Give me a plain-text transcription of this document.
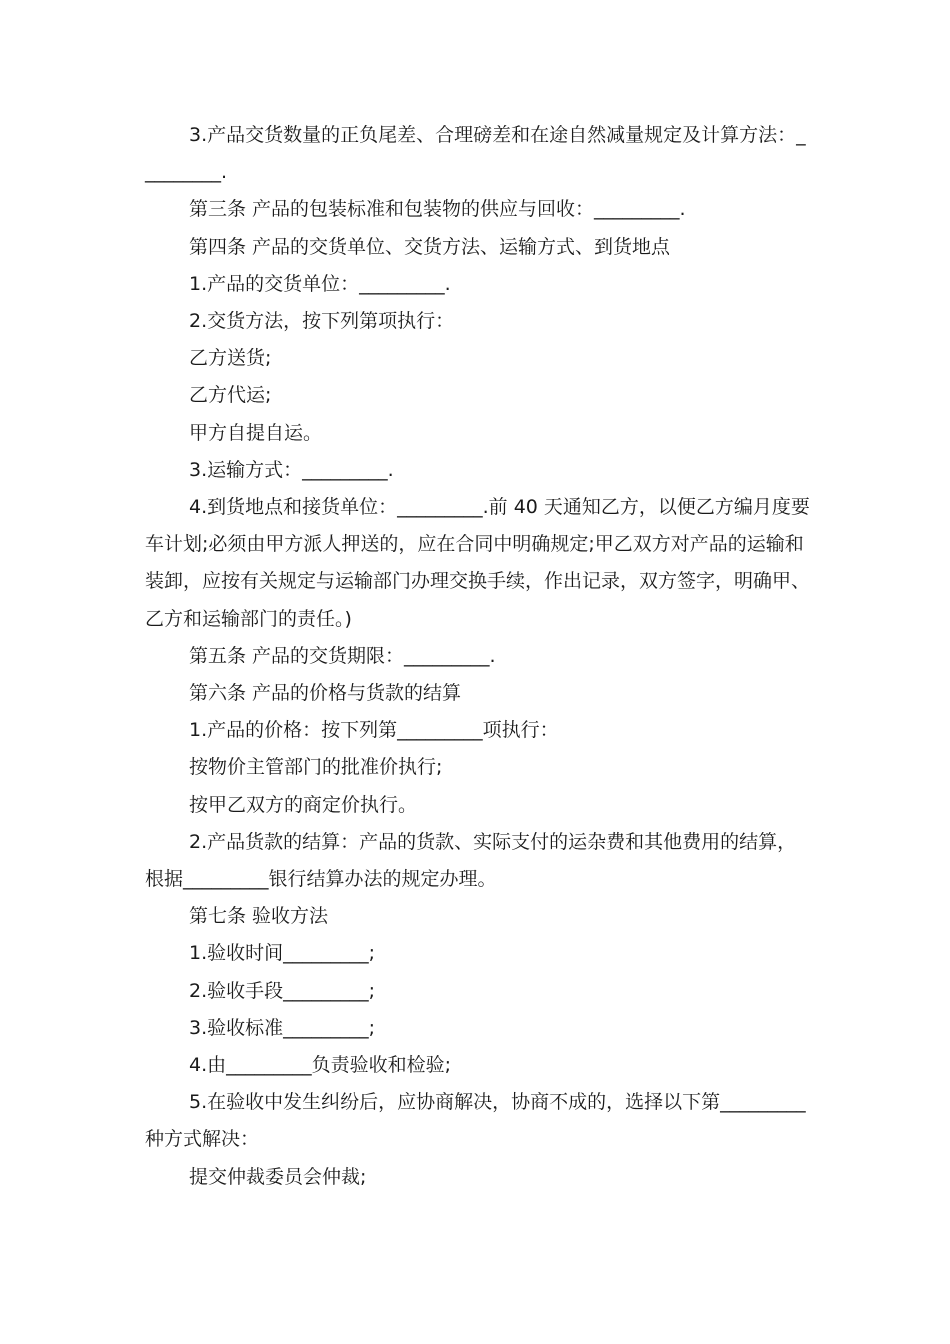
3.产品交货数量的正负尾差、合理磅差和在途自然减量规定及计算方法：_________.

第三条 产品的包装标准和包装物的供应与回收：_________.

第四条 产品的交货单位、交货方法、运输方式、到货地点

1.产品的交货单位：_________.

2.交货方法，按下列第项执行：

乙方送货;

乙方代运;

甲方自提自运。

3.运输方式：_________.

4.到货地点和接货单位：_________.前 40 天通知乙方，以便乙方编月度要车计划;必须由甲方派人押送的，应在合同中明确规定;甲乙双方对产品的运输和装卸，应按有关规定与运输部门办理交换手续，作出记录，双方签字，明确甲、乙方和运输部门的责任。)

第五条 产品的交货期限：_________.

第六条 产品的价格与货款的结算

1.产品的价格：按下列第_________项执行：

按物价主管部门的批准价执行;

按甲乙双方的商定价执行。

2.产品货款的结算：产品的货款、实际支付的运杂费和其他费用的结算，根据_________银行结算办法的规定办理。

第七条 验收方法

1.验收时间_________;

2.验收手段_________;

3.验收标准_________;

4.由_________负责验收和检验;

5.在验收中发生纠纷后，应协商解决，协商不成的，选择以下第_________种方式解决：

提交仲裁委员会仲裁;
